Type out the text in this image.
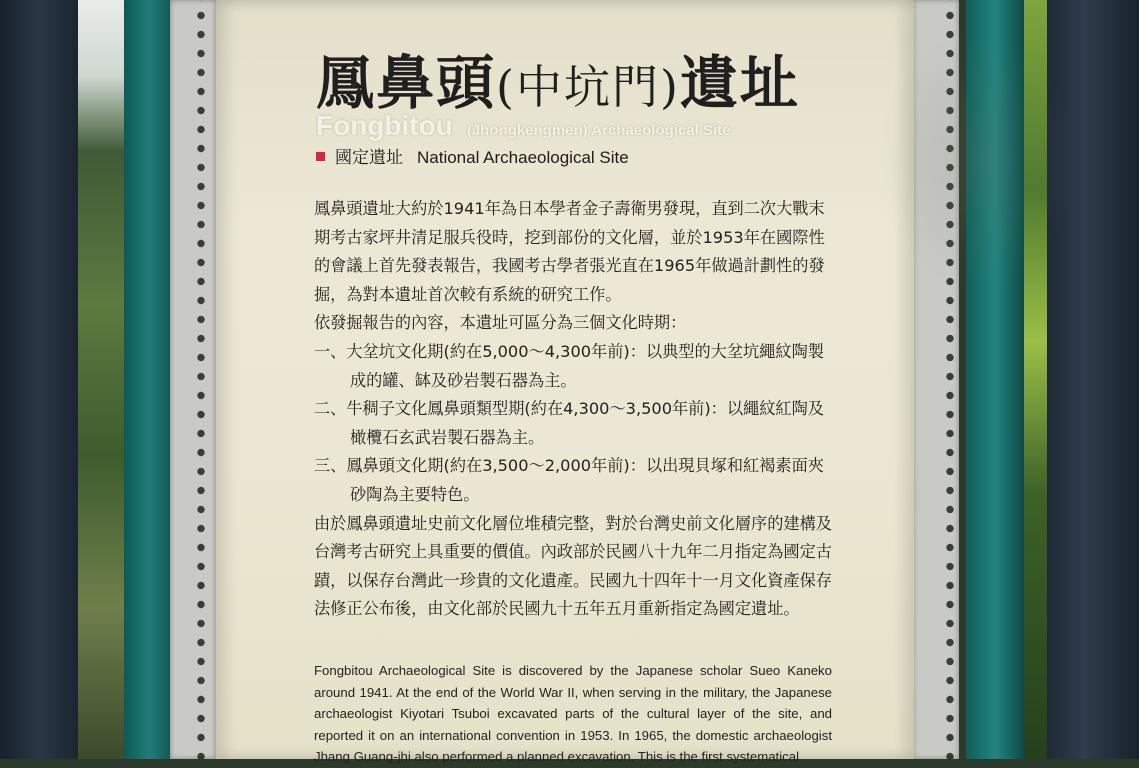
鳳鼻頭(中坑門)遺址
Fongbitou (Jhongkengmen) Archaeological Site
國定遺址 National Archaeological Site

鳳鼻頭遺址大約於1941年為日本學者金子壽衛男發現，直到二次大戰末期考古家坪井清足服兵役時，挖到部份的文化層，並於1953年在國際性的會議上首先發表報告，我國考古學者張光直在1965年做過計劃性的發掘，為對本遺址首次較有系統的研究工作。

依發掘報告的內容，本遺址可區分為三個文化時期：

一、大坌坑文化期(約在5,000〜4,300年前)：以典型的大坌坑繩紋陶製成的罐、缽及砂岩製石器為主。

二、牛稠子文化鳳鼻頭類型期(約在4,300〜3,500年前)：以繩紋紅陶及橄欖石玄武岩製石器為主。

三、鳳鼻頭文化期(約在3,500〜2,000年前)：以出現貝塚和紅褐素面夾砂陶為主要特色。

由於鳳鼻頭遺址史前文化層位堆積完整，對於台灣史前文化層序的建構及台灣考古研究上具重要的價值。內政部於民國八十九年二月指定為國定古蹟，以保存台灣此一珍貴的文化遺產。民國九十四年十一月文化資產保存法修正公布後，由文化部於民國九十五年五月重新指定為國定遺址。

Fongbitou Archaeological Site is discovered by the Japanese scholar Sueo Kaneko around 1941. At the end of the World War II, when serving in the military, the Japanese archaeologist Kiyotari Tsuboi excavated parts of the cultural layer of the site, and reported it on an international convention in 1953. In 1965, the domestic archaeologist Jhang Guang-jhi also performed a planned excavation. This is the first systematical
